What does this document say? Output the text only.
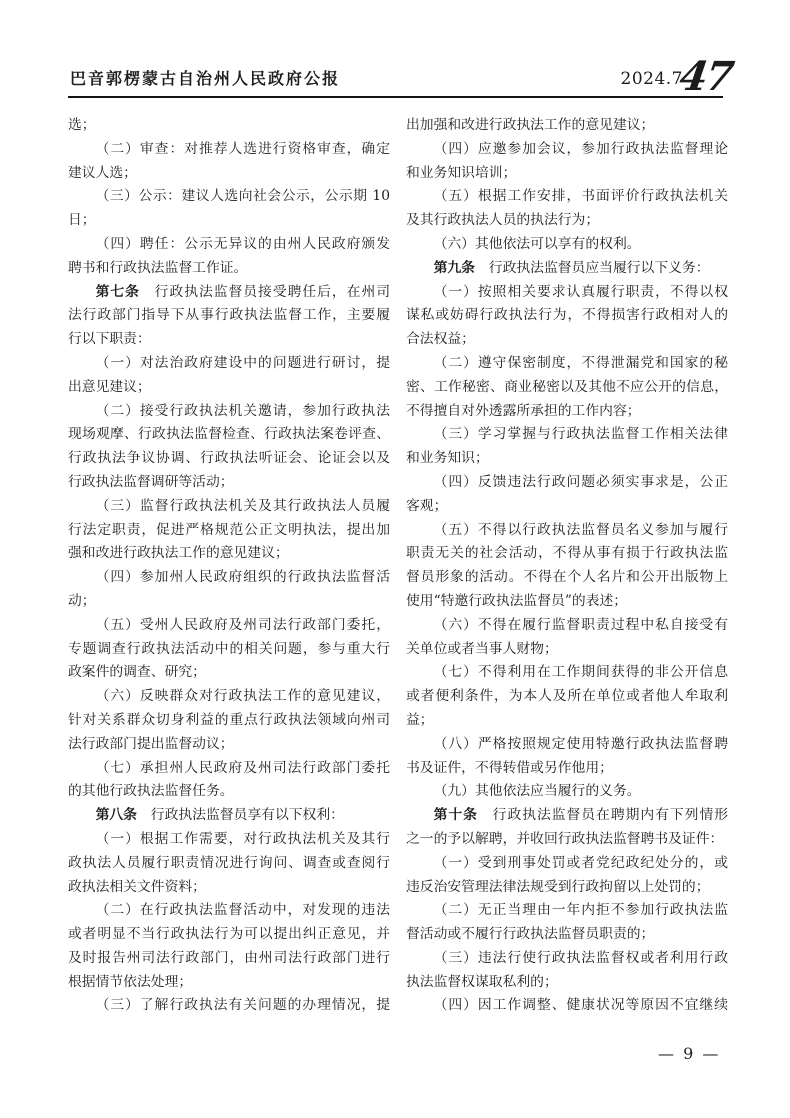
巴音郭楞蒙古自治州人民政府公报	2024.7
47
选；
（二）审查：对推荐人选进行资格审查，确定
建议人选；
（三）公示：建议人选向社会公示，公示期 10
日；
（四）聘任：公示无异议的由州人民政府颁发
聘书和行政执法监督工作证。
第七条　行政执法监督员接受聘任后，在州司
法行政部门指导下从事行政执法监督工作，主要履
行以下职责：
（一）对法治政府建设中的问题进行研讨，提
出意见建议；
（二）接受行政执法机关邀请，参加行政执法
现场观摩、行政执法监督检查、行政执法案卷评查、
行政执法争议协调、行政执法听证会、论证会以及
行政执法监督调研等活动；
（三）监督行政执法机关及其行政执法人员履
行法定职责，促进严格规范公正文明执法，提出加
强和改进行政执法工作的意见建议；
（四）参加州人民政府组织的行政执法监督活
动；
（五）受州人民政府及州司法行政部门委托，
专题调查行政执法活动中的相关问题，参与重大行
政案件的调查、研究；
（六）反映群众对行政执法工作的意见建议，
针对关系群众切身利益的重点行政执法领域向州司
法行政部门提出监督动议；
（七）承担州人民政府及州司法行政部门委托
的其他行政执法监督任务。
第八条　行政执法监督员享有以下权利：
（一）根据工作需要，对行政执法机关及其行
政执法人员履行职责情况进行询问、调查或查阅行
政执法相关文件资料；
（二）在行政执法监督活动中，对发现的违法
或者明显不当行政执法行为可以提出纠正意见，并
及时报告州司法行政部门，由州司法行政部门进行
根据情节依法处理；
（三）了解行政执法有关问题的办理情况，提
出加强和改进行政执法工作的意见建议；
（四）应邀参加会议，参加行政执法监督理论
和业务知识培训；
（五）根据工作安排，书面评价行政执法机关
及其行政执法人员的执法行为；
（六）其他依法可以享有的权利。
第九条　行政执法监督员应当履行以下义务：
（一）按照相关要求认真履行职责，不得以权
谋私或妨碍行政执法行为，不得损害行政相对人的
合法权益；
（二）遵守保密制度，不得泄漏党和国家的秘
密、工作秘密、商业秘密以及其他不应公开的信息，
不得擅自对外透露所承担的工作内容；
（三）学习掌握与行政执法监督工作相关法律
和业务知识；
（四）反馈违法行政问题必须实事求是，公正
客观；
（五）不得以行政执法监督员名义参加与履行
职责无关的社会活动，不得从事有损于行政执法监
督员形象的活动。不得在个人名片和公开出版物上
使用“特邀行政执法监督员”的表述；
（六）不得在履行监督职责过程中私自接受有
关单位或者当事人财物；
（七）不得利用在工作期间获得的非公开信息
或者便利条件，为本人及所在单位或者他人牟取利
益；
（八）严格按照规定使用特邀行政执法监督聘
书及证件，不得转借或另作他用；
（九）其他依法应当履行的义务。
第十条　行政执法监督员在聘期内有下列情形
之一的予以解聘，并收回行政执法监督聘书及证件：
（一）受到刑事处罚或者党纪政纪处分的，或
违反治安管理法律法规受到行政拘留以上处罚的；
（二）无正当理由一年内拒不参加行政执法监
督活动或不履行行政执法监督员职责的；
（三）违法行使行政执法监督权或者利用行政
执法监督权谋取私利的；
（四）因工作调整、健康状况等原因不宜继续
— 9 —
